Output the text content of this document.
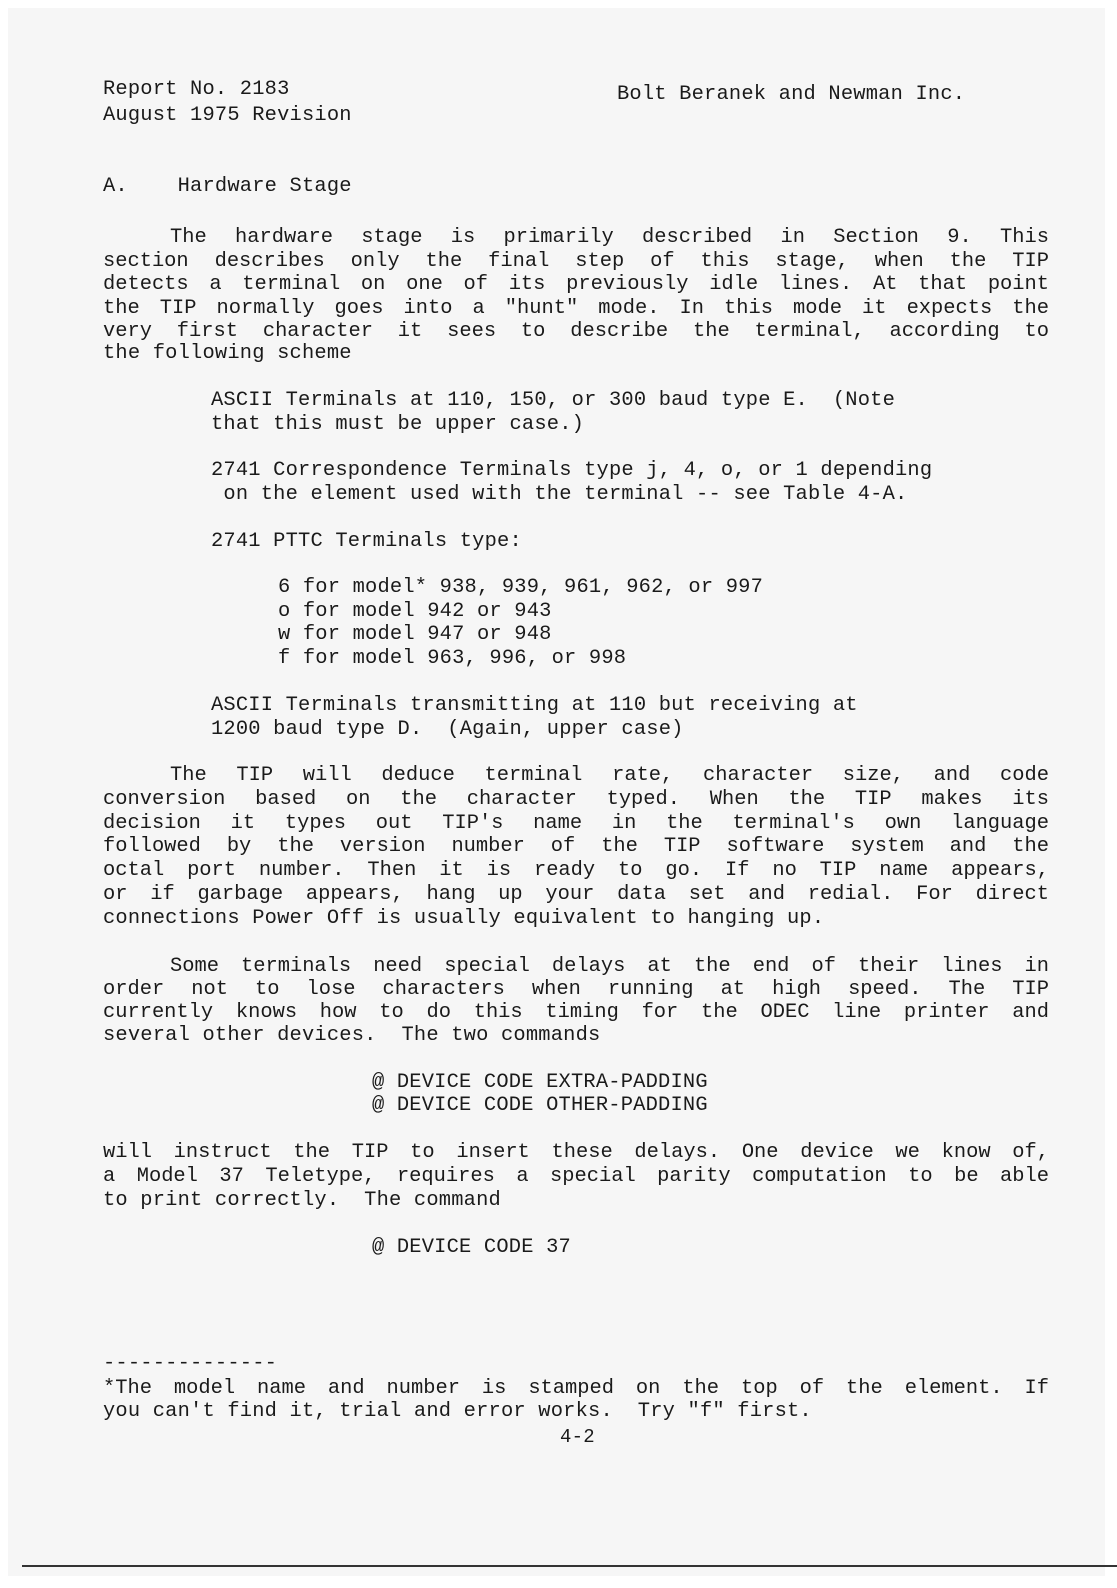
Report No. 2183
August 1975 Revision
Bolt Beranek and Newman Inc.
A.    Hardware Stage
The hardware stage is primarily described in Section 9. This
section describes only the final step of this stage, when the TIP
detects a terminal on one of its previously idle lines. At that point
the TIP normally goes into a "hunt" mode. In this mode it expects the
very first character it sees to describe the terminal, according to
the following scheme
ASCII Terminals at 110, 150, or 300 baud type E.  (Note
that this must be upper case.)
2741 Correspondence Terminals type j, 4, o, or 1 depending
on the element used with the terminal -- see Table 4-A.
2741 PTTC Terminals type:
6 for model* 938, 939, 961, 962, or 997
o for model 942 or 943
w for model 947 or 948
f for model 963, 996, or 998
ASCII Terminals transmitting at 110 but receiving at
1200 baud type D.  (Again, upper case)
The TIP will deduce terminal rate, character size, and code
conversion based on the character typed. When the TIP makes its
decision it types out TIP's name in the terminal's own language
followed by the version number of the TIP software system and the
octal port number. Then it is ready to go. If no TIP name appears,
or if garbage appears, hang up your data set and redial. For direct
connections Power Off is usually equivalent to hanging up.
Some terminals need special delays at the end of their lines in
order not to lose characters when running at high speed. The TIP
currently knows how to do this timing for the ODEC line printer and
several other devices.  The two commands
@ DEVICE CODE EXTRA-PADDING
@ DEVICE CODE OTHER-PADDING
will instruct the TIP to insert these delays. One device we know of,
a Model 37 Teletype, requires a special parity computation to be able
to print correctly.  The command
@ DEVICE CODE 37
--------------
*The model name and number is stamped on the top of the element. If
you can't find it, trial and error works.  Try "f" first.
4-2
